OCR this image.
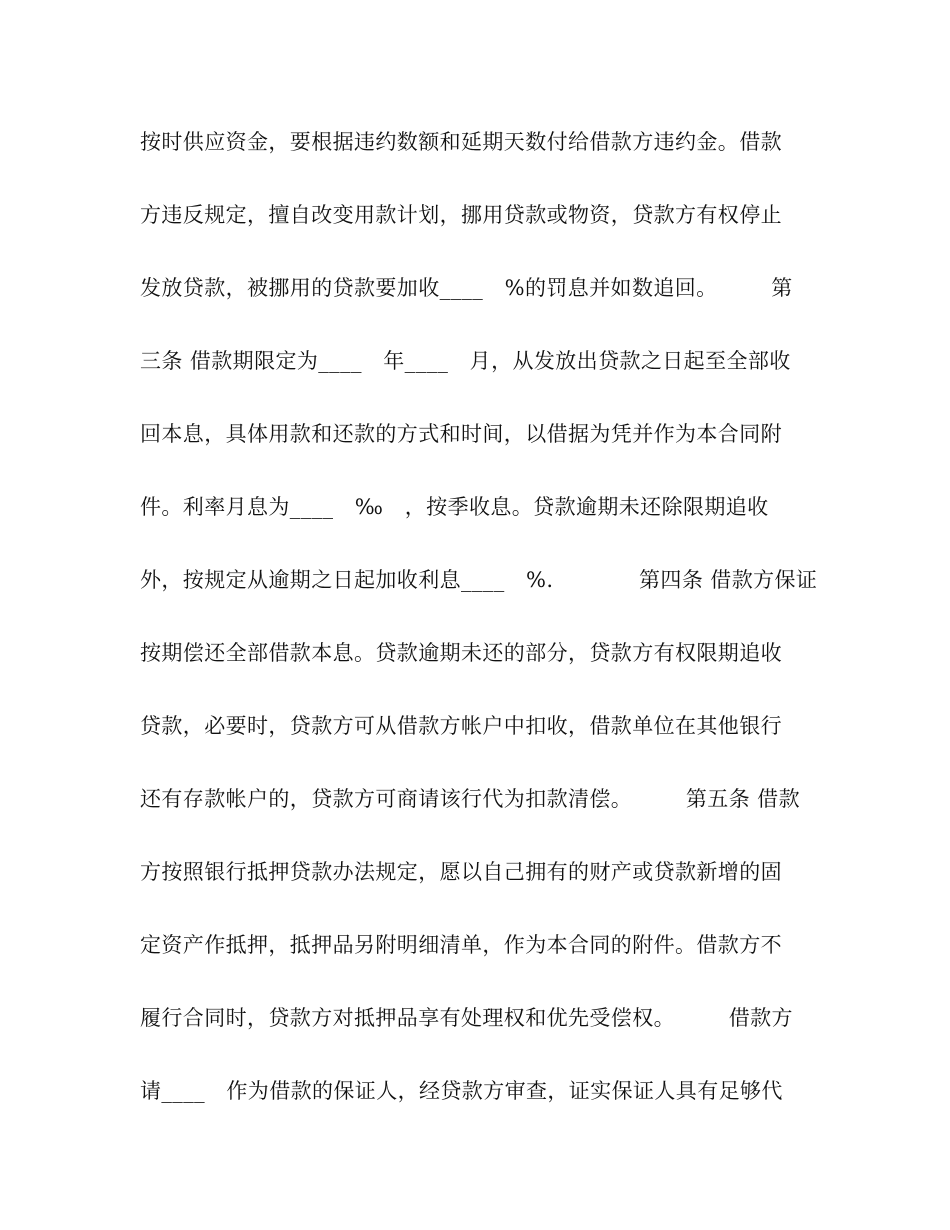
按时供应资金，要根据违约数额和延期天数付给借款方违约金。借款
方违反规定，擅自改变用款计划，挪用贷款或物资，贷款方有权停止
发放贷款，被挪用的贷款要加收____　%的罚息并如数追回。　　　第
三条 借款期限定为____　年____　月，从发放出贷款之日起至全部收
回本息，具体用款和还款的方式和时间，以借据为凭并作为本合同附
件。利率月息为____　‰　，按季收息。贷款逾期未还除限期追收
外，按规定从逾期之日起加收利息____　%.　　　　第四条 借款方保证
按期偿还全部借款本息。贷款逾期未还的部分，贷款方有权限期追收
贷款，必要时，贷款方可从借款方帐户中扣收，借款单位在其他银行
还有存款帐户的，贷款方可商请该行代为扣款清偿。　　　第五条 借款
方按照银行抵押贷款办法规定，愿以自己拥有的财产或贷款新增的固
定资产作抵押，抵押品另附明细清单，作为本合同的附件。借款方不
履行合同时，贷款方对抵押品享有处理权和优先受偿权。　　　借款方
请____　作为借款的保证人，经贷款方审查，证实保证人具有足够代
